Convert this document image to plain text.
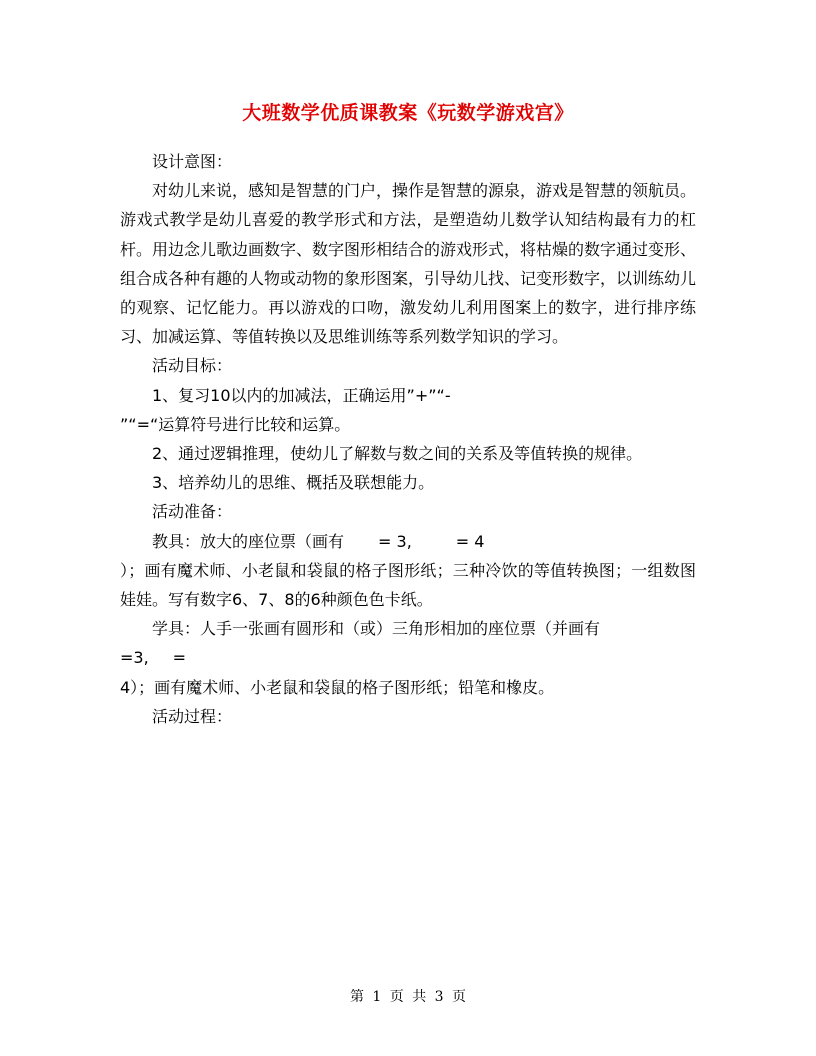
大班数学优质课教案《玩数学游戏宫》

设计意图：

对幼儿来说，感知是智慧的门户，操作是智慧的源泉，游戏是智慧的领航员。游戏式教学是幼儿喜爱的教学形式和方法，是塑造幼儿数学认知结构最有力的杠杆。用边念儿歌边画数字、数字图形相结合的游戏形式，将枯燥的数字通过变形、组合成各种有趣的人物或动物的象形图案，引导幼儿找、记变形数字，以训练幼儿的观察、记忆能力。再以游戏的口吻，激发幼儿利用图案上的数字，进行排序练习、加减运算、等值转换以及思维训练等系列数学知识的学习。

活动目标：

1、复习10以内的加减法，正确运用”+”“-

”“=“运算符号进行比较和运算。

2、通过逻辑推理，使幼儿了解数与数之间的关系及等值转换的规律。

3、培养幼儿的思维、概括及联想能力。

活动准备：

教具：放大的座位票（画有 = 3,	= 4

）；画有魔术师、小老鼠和袋鼠的格子图形纸；三种冷饮的等值转换图；一组数图娃娃。写有数字6、7、8的6种颜色色卡纸。

学具：人手一张画有圆形和（或）三角形相加的座位票（并画有

=3, =

4）；画有魔术师、小老鼠和袋鼠的格子图形纸；铅笔和橡皮。

活动过程：

第 1 页 共 3 页
